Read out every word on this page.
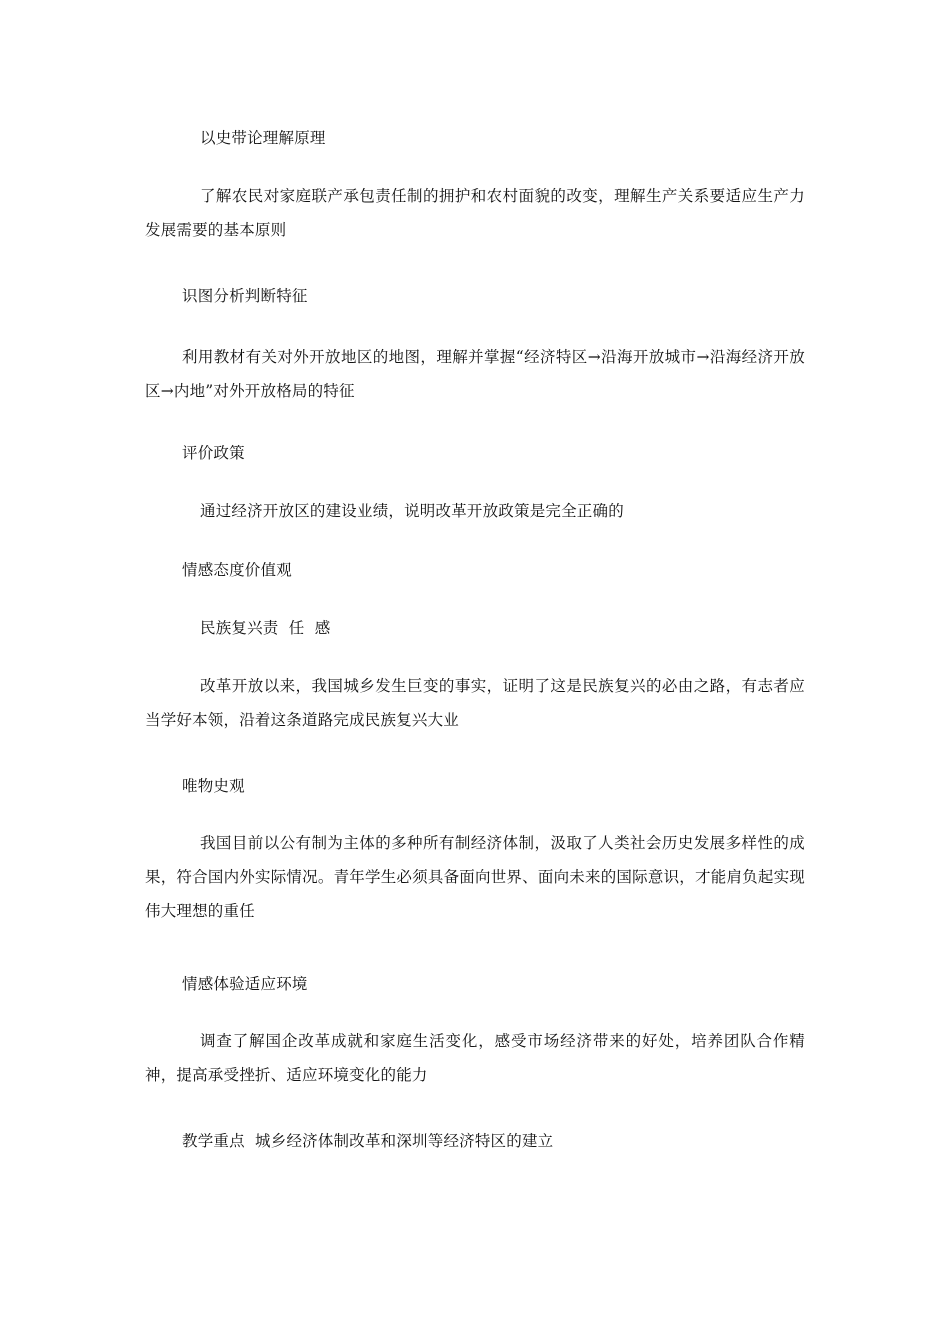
以史带论理解原理
了解农民对家庭联产承包责任制的拥护和农村面貌的改变，理解生产关系要适应生产力发展需要的基本原则
识图分析判断特征
利用教材有关对外开放地区的地图，理解并掌握“经济特区→沿海开放城市→沿海经济开放区→内地”对外开放格局的特征
评价政策
通过经济开放区的建设业绩，说明改革开放政策是完全正确的
情感态度价值观
民族复兴责  任  感
改革开放以来，我国城乡发生巨变的事实，证明了这是民族复兴的必由之路，有志者应当学好本领，沿着这条道路完成民族复兴大业
唯物史观
我国目前以公有制为主体的多种所有制经济体制，汲取了人类社会历史发展多样性的成果，符合国内外实际情况。青年学生必须具备面向世界、面向未来的国际意识，才能肩负起实现伟大理想的重任
情感体验适应环境
调查了解国企改革成就和家庭生活变化，感受市场经济带来的好处，培养团队合作精神，提高承受挫折、适应环境变化的能力
教学重点  城乡经济体制改革和深圳等经济特区的建立
